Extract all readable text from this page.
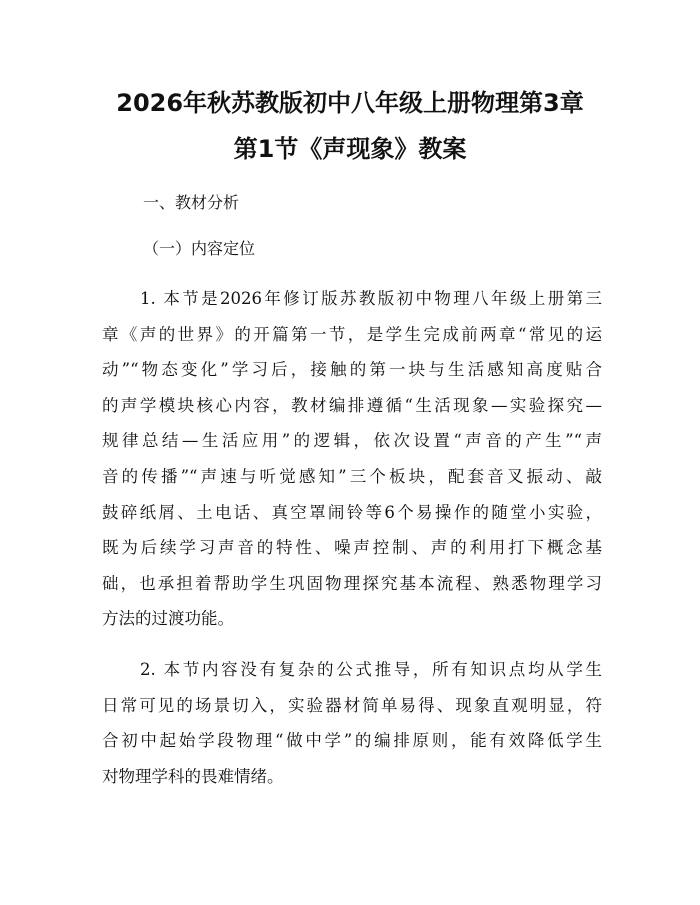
2026年秋苏教版初中八年级上册物理第3章
第1节《声现象》教案
一、教材分析
（一）内容定位
1. 本节是2026年修订版苏教版初中物理八年级上册第三
章《声的世界》的开篇第一节，是学生完成前两章“常见的运
动”“物态变化”学习后，接触的第一块与生活感知高度贴合
的声学模块核心内容，教材编排遵循“生活现象—实验探究—
规律总结—生活应用”的逻辑，依次设置“声音的产生”“声
音的传播”“声速与听觉感知”三个板块，配套音叉振动、敲
鼓碎纸屑、土电话、真空罩闹铃等6个易操作的随堂小实验，
既为后续学习声音的特性、噪声控制、声的利用打下概念基
础，也承担着帮助学生巩固物理探究基本流程、熟悉物理学习
方法的过渡功能。
2. 本节内容没有复杂的公式推导，所有知识点均从学生
日常可见的场景切入，实验器材简单易得、现象直观明显，符
合初中起始学段物理“做中学”的编排原则，能有效降低学生
对物理学科的畏难情绪。
